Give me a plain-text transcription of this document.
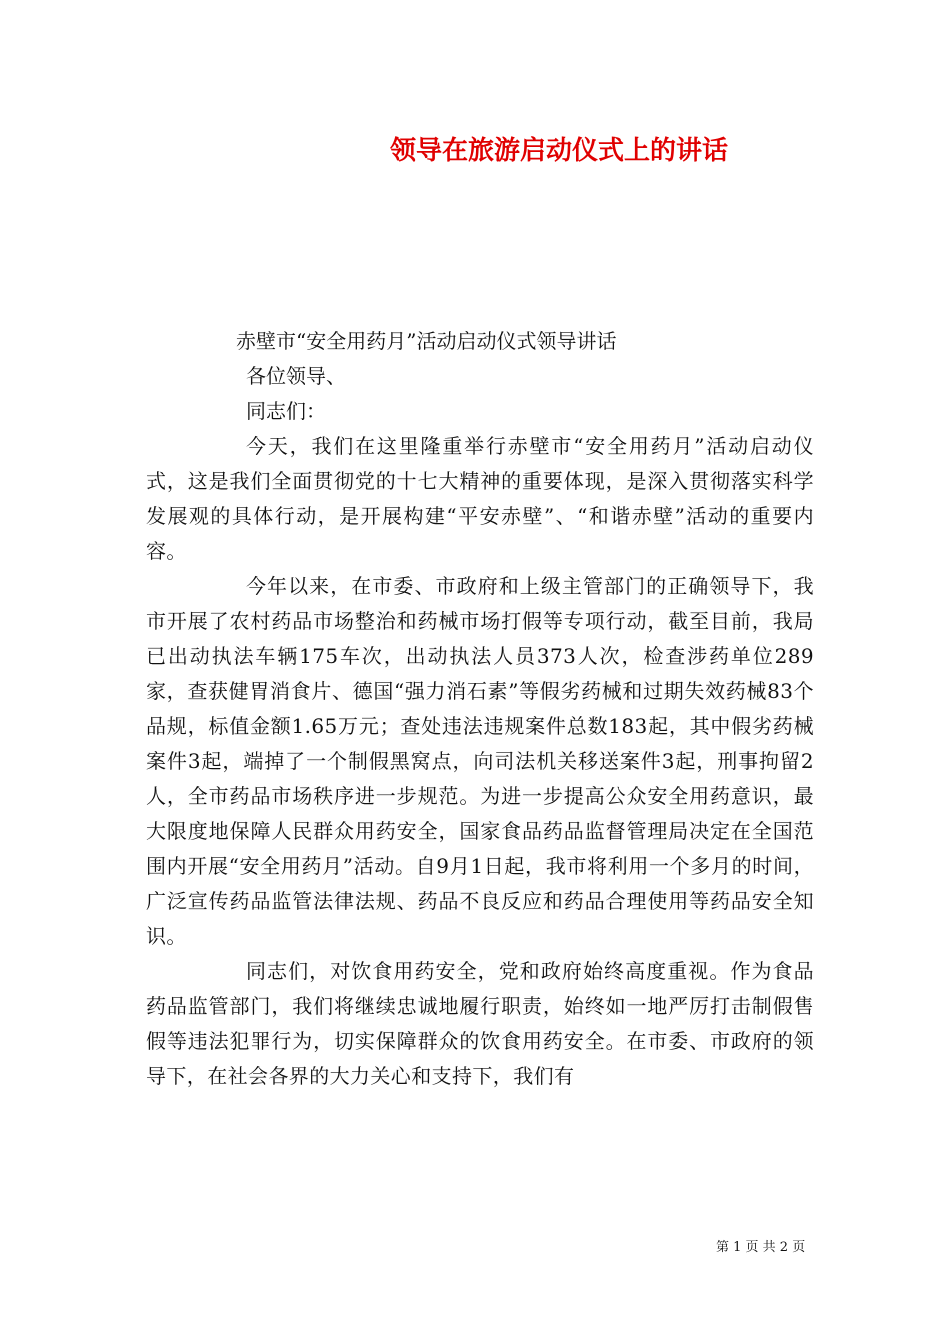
领导在旅游启动仪式上的讲话
赤壁市“安全用药月”活动启动仪式领导讲话
各位领导、
同志们：

今天，我们在这里隆重举行赤壁市“安全用药月”活动启动仪式，这是我们全面贯彻党的十七大精神的重要体现，是深入贯彻落实科学发展观的具体行动，是开展构建“平安赤壁”、“和谐赤壁”活动的重要内容。

今年以来，在市委、市政府和上级主管部门的正确领导下，我市开展了农村药品市场整治和药械市场打假等专项行动，截至目前，我局已出动执法车辆175车次，出动执法人员373人次，检查涉药单位289家，查获健胃消食片、德国“强力消石素”等假劣药械和过期失效药械83个品规，标值金额1.65万元；查处违法违规案件总数183起，其中假劣药械案件3起，端掉了一个制假黑窝点，向司法机关移送案件3起，刑事拘留2人，全市药品市场秩序进一步规范。为进一步提高公众安全用药意识，最大限度地保障人民群众用药安全，国家食品药品监督管理局决定在全国范围内开展“安全用药月”活动。自9月1日起，我市将利用一个多月的时间，广泛宣传药品监管法律法规、药品不良反应和药品合理使用等药品安全知识。

同志们，对饮食用药安全，党和政府始终高度重视。作为食品药品监管部门，我们将继续忠诚地履行职责，始终如一地严厉打击制假售假等违法犯罪行为，切实保障群众的饮食用药安全。在市委、市政府的领导下，在社会各界的大力关心和支持下，我们有

第 1 页 共 2 页
